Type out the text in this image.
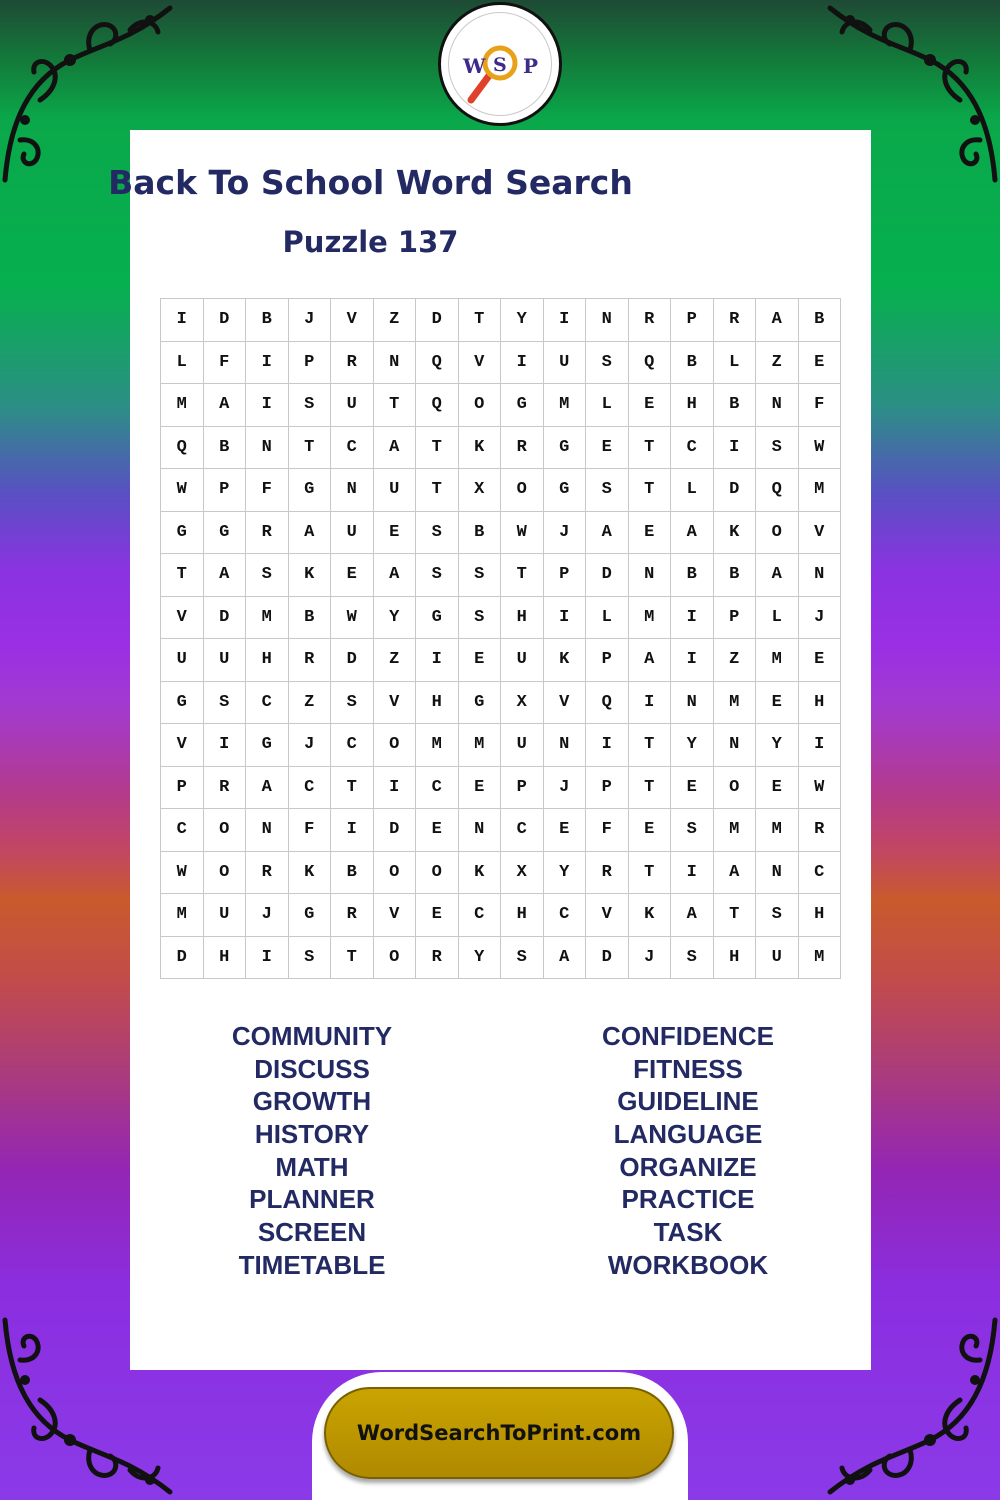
W S P
Back To School Word Search
Puzzle 137
I	D	B	J	V	Z	D	T	Y	I	N	R	P	R	A	B
L	F	I	P	R	N	Q	V	I	U	S	Q	B	L	Z	E
M	A	I	S	U	T	Q	O	G	M	L	E	H	B	N	F
Q	B	N	T	C	A	T	K	R	G	E	T	C	I	S	W
W	P	F	G	N	U	T	X	O	G	S	T	L	D	Q	M
G	G	R	A	U	E	S	B	W	J	A	E	A	K	O	V
T	A	S	K	E	A	S	S	T	P	D	N	B	B	A	N
V	D	M	B	W	Y	G	S	H	I	L	M	I	P	L	J
U	U	H	R	D	Z	I	E	U	K	P	A	I	Z	M	E
G	S	C	Z	S	V	H	G	X	V	Q	I	N	M	E	H
V	I	G	J	C	O	M	M	U	N	I	T	Y	N	Y	I
P	R	A	C	T	I	C	E	P	J	P	T	E	O	E	W
C	O	N	F	I	D	E	N	C	E	F	E	S	M	M	R
W	O	R	K	B	O	O	K	X	Y	R	T	I	A	N	C
M	U	J	G	R	V	E	C	H	C	V	K	A	T	S	H
D	H	I	S	T	O	R	Y	S	A	D	J	S	H	U	M
COMMUNITY
DISCUSS
GROWTH
HISTORY
MATH
PLANNER
SCREEN
TIMETABLE
CONFIDENCE
FITNESS
GUIDELINE
LANGUAGE
ORGANIZE
PRACTICE
TASK
WORKBOOK
WordSearchToPrint.com
